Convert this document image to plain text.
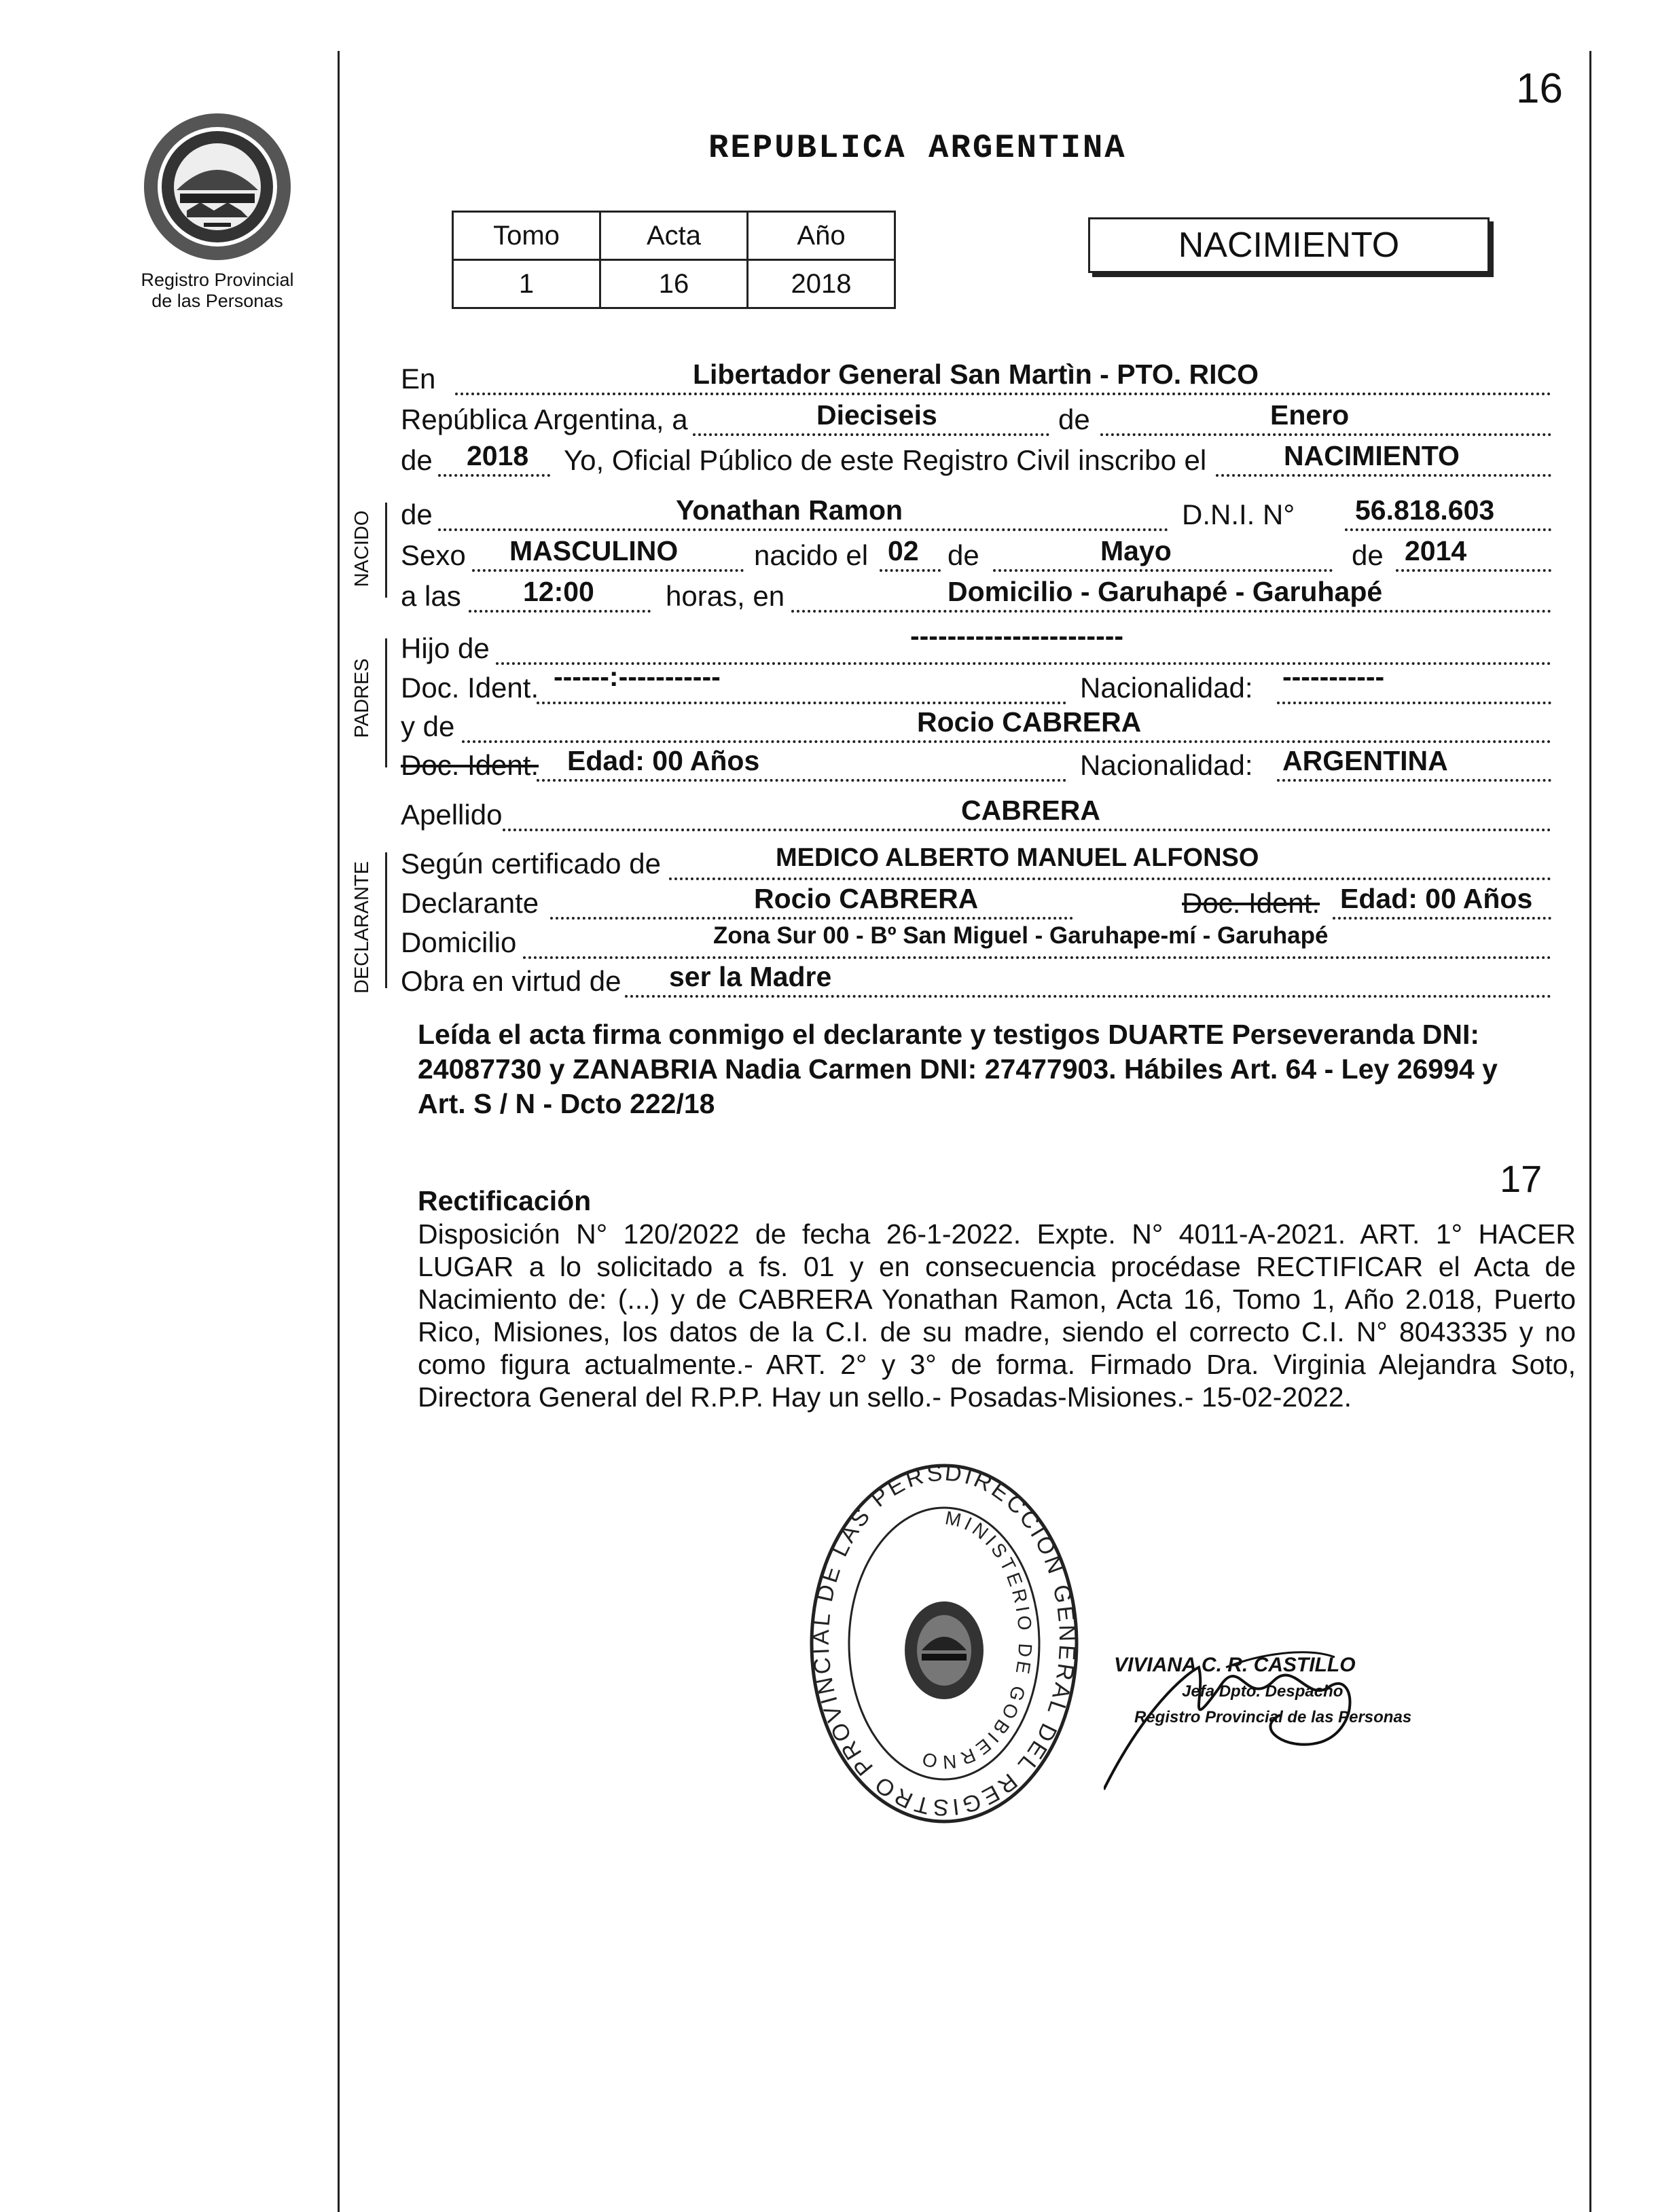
16
Registro Provincial
de las Personas
REPUBLICA ARGENTINA
Tomo	Acta	Año
1	16	2018
NACIMIENTO
NACIDO
PADRES
DECLARANTE
En	Libertador General San Martìn - PTO. RICO
República Argentina, a	Dieciseis	de	Enero
de 2018 Yo, Oficial Público de este Registro Civil inscribo el	NACIMIENTO
de	Yonathan Ramon	D.N.I. N° 56.818.603
Sexo MASCULINO	nacido el 02 de	Mayo	de 2014
a las 12:00	horas, en	Domicilio - Garuhapé - Garuhapé
Hijo de	-----------------------
Doc. Ident. ------:-----------	Nacionalidad: -----------
y de	Rocio CABRERA
Doc. Ident. Edad: 00 Años	Nacionalidad: ARGENTINA
Apellido	CABRERA
Según certificado de	MEDICO ALBERTO MANUEL ALFONSO
Declarante	Rocio CABRERA	Doc. Ident. Edad: 00 Años
Domicilio	Zona Sur 00 - Bº San Miguel - Garuhape-mí - Garuhapé
Obra en virtud de ser la Madre
Leída el acta firma conmigo el declarante y testigos DUARTE Perseveranda DNI: 24087730 y ZANABRIA Nadia Carmen DNI: 27477903. Hábiles Art. 64 - Ley 26994 y Art. S / N - Dcto 222/18
17
Rectificación
Disposición N° 120/2022 de fecha 26-1-2022. Expte. N° 4011-A-2021. ART. 1° HACER LUGAR a lo solicitado a fs. 01 y en consecuencia procédase RECTIFICAR el Acta de Nacimiento de: (...) y de CABRERA Yonathan Ramon, Acta 16, Tomo 1, Año 2.018, Puerto Rico, Misiones, los datos de la C.I. de su madre, siendo el correcto C.I. N° 8043335 y no como figura actualmente.- ART. 2° y 3° de forma. Firmado Dra. Virginia Alejandra Soto, Directora General del R.P.P. Hay un sello.- Posadas-Misiones.- 15-02-2022.
DIRECCION GENERAL DEL REGISTRO PROVINCIAL DE LAS PERS
MINISTERIO DE GOBIERNO
VIVIANA C. R. CASTILLO
Jefa Dpto. Despacho
Registro Provincial de las Personas
